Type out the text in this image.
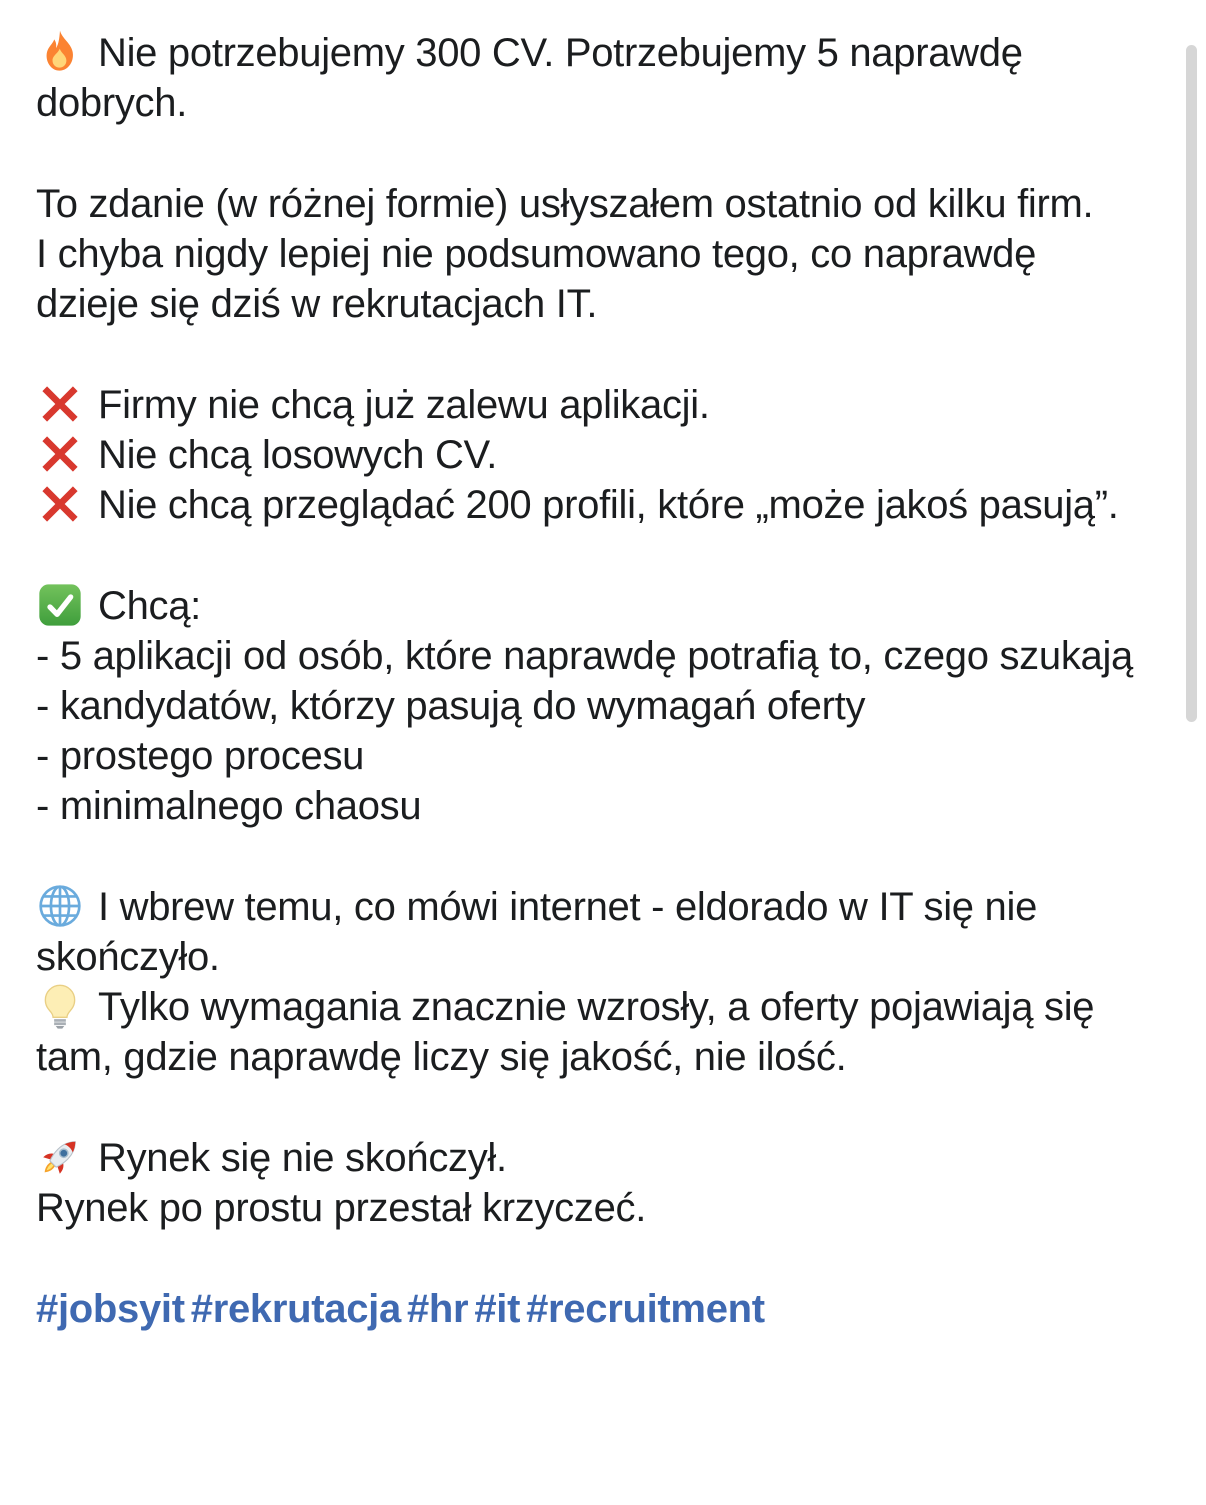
Nie potrzebujemy 300 CV. Potrzebujemy 5 naprawdę dobrych.
To zdanie (w różnej formie) usłyszałem ostatnio od kilku firm.
I chyba nigdy lepiej nie podsumowano tego, co naprawdę dzieje się dziś w rekrutacjach IT.
Firmy nie chcą już zalewu aplikacji.
Nie chcą losowych CV.
Nie chcą przeglądać 200 profili, które „może jakoś pasują”.
Chcą:
- 5 aplikacji od osób, które naprawdę potrafią to, czego szukają
- kandydatów, którzy pasują do wymagań oferty
- prostego procesu
- minimalnego chaosu
I wbrew temu, co mówi internet - eldorado w IT się nie skończyło.
Tylko wymagania znacznie wzrosły, a oferty pojawiają się tam, gdzie naprawdę liczy się jakość, nie ilość.
Rynek się nie skończył.
Rynek po prostu przestał krzyczeć.
#jobsyit #rekrutacja #hr #it #recruitment
